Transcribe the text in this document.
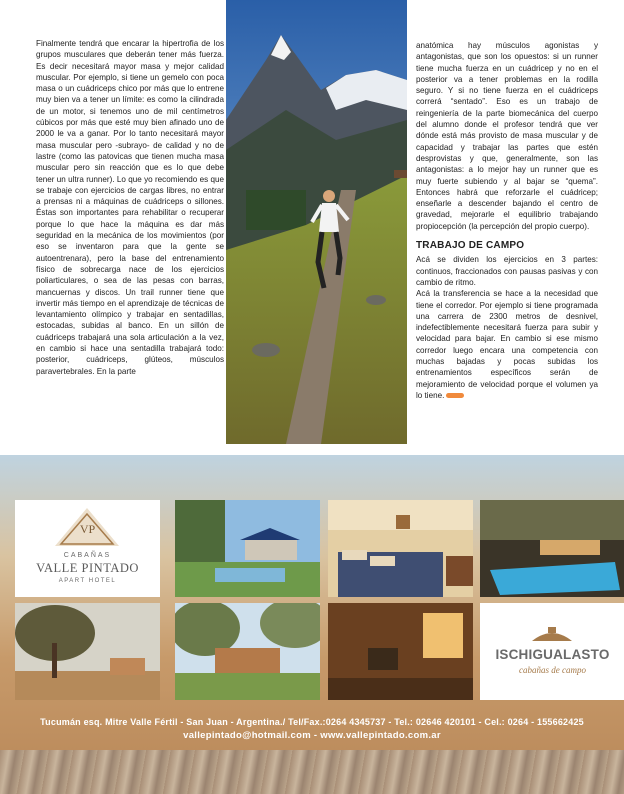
Finalmente tendrá que encarar la hipertrofia de los grupos musculares que deberán tener más fuerza. Es decir necesitará mayor masa y mejor calidad muscular. Por ejemplo, si tiene un gemelo con poca masa o un cuádriceps chico por más que lo entrene muy bien va a tener un límite: es como la cilindrada de un motor, si tenemos uno de mil centímetros cúbicos por más que esté muy bien afinado uno de 2000 le va a ganar. Por lo tanto necesitará mayor masa muscular pero -subrayo- de calidad y no de lastre (como las patovicas que tienen mucha masa muscular pero sin reacción que es lo que debe tener un ultra runner). Lo que yo recomiendo es que se trabaje con ejercicios de cargas libres, no entrar a prensas ni a máquinas de cuádriceps o sillones. Éstas son importantes para rehabilitar o recuperar porque lo que hace la máquina es dar más seguridad en la mecánica de los movimientos (por eso se inventaron para que la gente se autoentrenara), pero la base del entrenamiento físico de sobrecarga nace de los ejercicios poliarticulares, o sea de las pesas con barras, mancuernas y discos. Un trail runner tiene que invertir más tiempo en el aprendizaje de técnicas de levantamiento olímpico y trabajar en sentadillas, estocadas, subidas al banco. En un sillón de cuádriceps trabajará una sola articulación a la vez, en cambio si hace una sentadilla trabajará todo: posterior, cuádriceps, glúteos, músculos paravertebrales. En la parte

anatómica hay músculos agonistas y antagonistas, que son los opuestos: si un runner tiene mucha fuerza en un cuádricep y no en el posterior va a tener problemas en la rodilla seguro. Y si no tiene fuerza en el cuádriceps correrá “sentado”. Eso es un trabajo de reingeniería de la parte biomecánica del cuerpo del alumno donde el profesor tendrá que ver dónde está más provisto de masa muscular y de capacidad y trabajar las partes que estén desprovistas y que, generalmente, son las antagonistas: a lo mejor hay un runner que es muy fuerte subiendo y al bajar se “quema”. Entonces habrá que reforzarle el cuádricep; enseñarle a descender bajando el centro de gravedad, mejorarle el equilibrio trabajando propiocepción (la percepción del propio cuerpo).

TRABAJO DE CAMPO

Acá se dividen los ejercicios en 3 partes: continuos, fraccionados con pausas pasivas y con cambio de ritmo.

Acá la transferencia se hace a la necesidad que tiene el corredor. Por ejemplo si tiene programada una carrera de 2300 metros de desnivel, indefectiblemente necesitará fuerza para subir y velocidad para bajar. En cambio si ese mismo corredor luego encara una competencia con muchas bajadas y pocas subidas los entrenamientos específicos serán de mejoramiento de velocidad porque el volumen ya lo tiene.

VP
CABAÑAS
VALLE PINTADO
APART HOTEL
ISCHIGUALASTO
cabañas de campo
Tucumán esq. Mitre Valle Fértil - San Juan - Argentina./ Tel/Fax.:0264 4345737 - Tel.: 02646 420101 - Cel.: 0264 - 155662425
vallepintado@hotmail.com - www.vallepintado.com.ar
